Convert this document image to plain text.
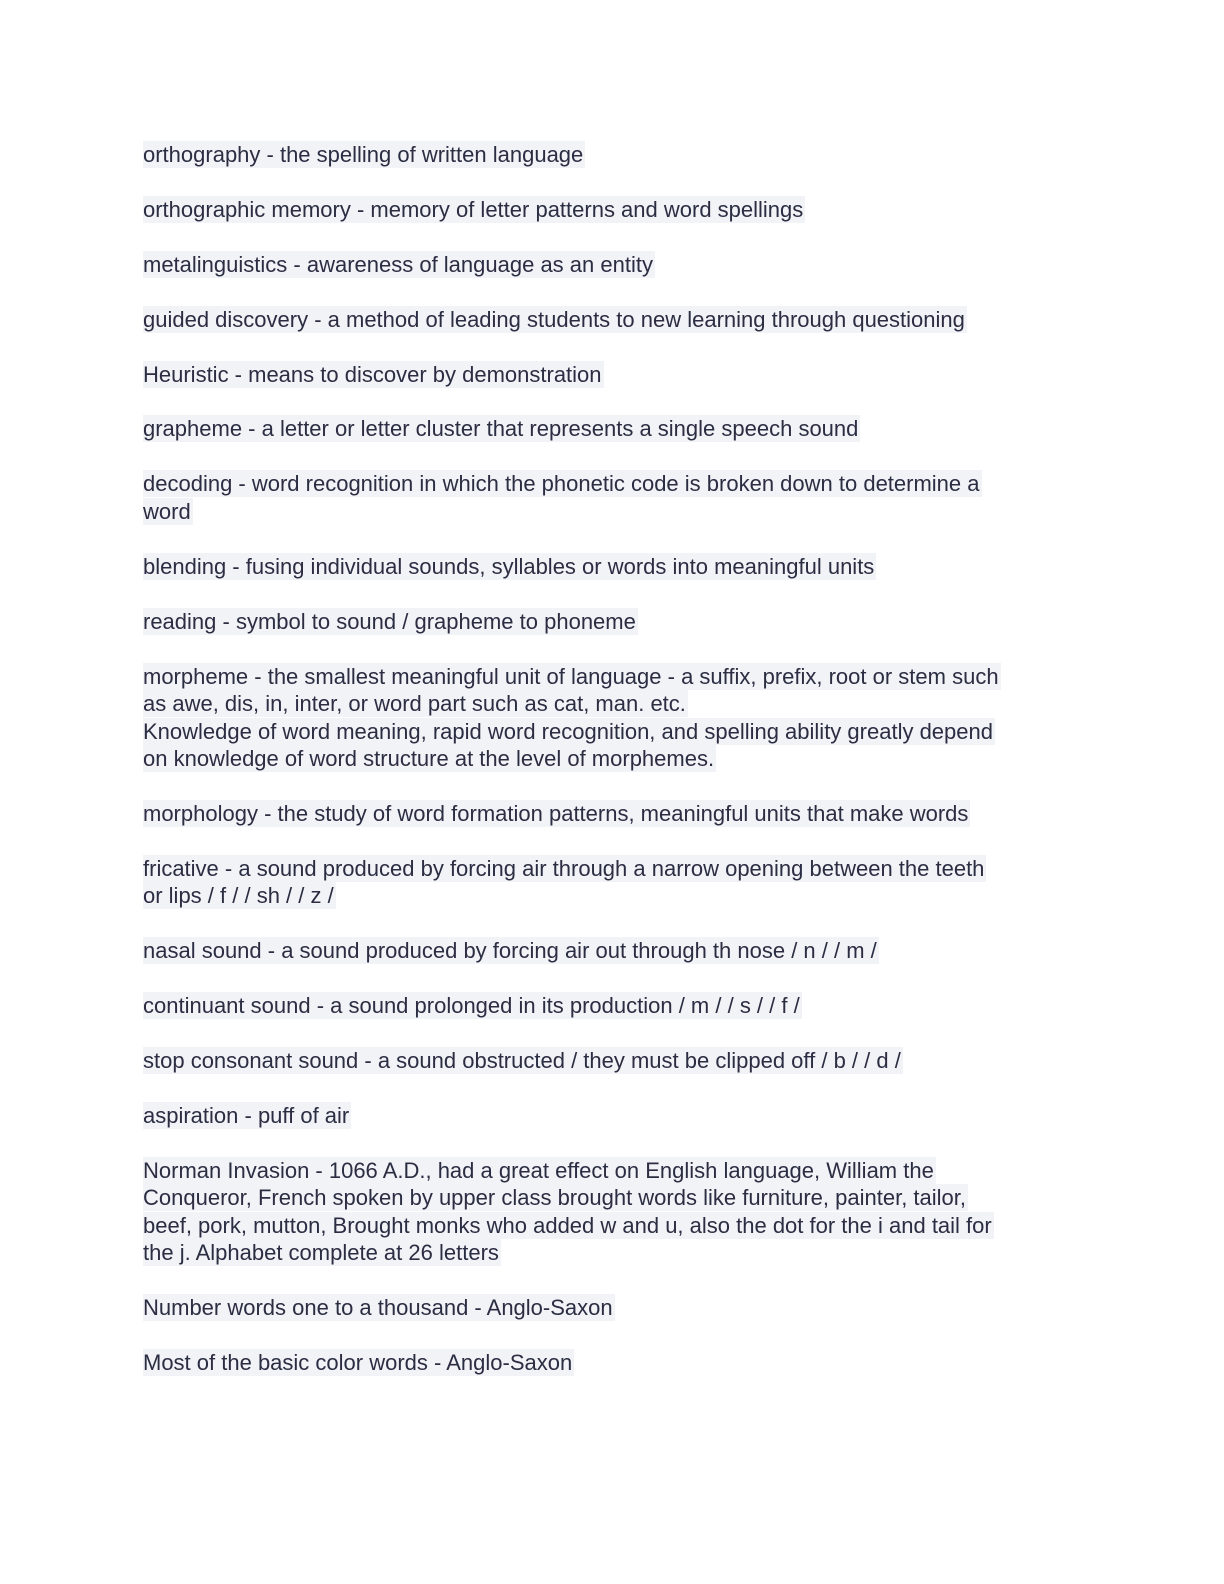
orthography - the spelling of written language
orthographic memory - memory of letter patterns and word spellings
metalinguistics - awareness of language as an entity
guided discovery - a method of leading students to new learning through questioning
Heuristic - means to discover by demonstration
grapheme - a letter or letter cluster that represents a single speech sound
decoding - word recognition in which the phonetic code is broken down to determine a
word
blending - fusing individual sounds, syllables or words into meaningful units
reading - symbol to sound / grapheme to phoneme
morpheme - the smallest meaningful unit of language - a suffix, prefix, root or stem such
as awe, dis, in, inter, or word part such as cat, man. etc.
Knowledge of word meaning, rapid word recognition, and spelling ability greatly depend
on knowledge of word structure at the level of morphemes.
morphology - the study of word formation patterns, meaningful units that make words
fricative - a sound produced by forcing air through a narrow opening between the teeth
or lips / f / / sh / / z /
nasal sound - a sound produced by forcing air out through th nose / n / / m /
continuant sound - a sound prolonged in its production / m / / s / / f /
stop consonant sound - a sound obstructed / they must be clipped off / b / / d /
aspiration - puff of air
Norman Invasion - 1066 A.D., had a great effect on English language, William the
Conqueror, French spoken by upper class brought words like furniture, painter, tailor,
beef, pork, mutton, Brought monks who added w and u, also the dot for the i and tail for
the j. Alphabet complete at 26 letters
Number words one to a thousand - Anglo-Saxon
Most of the basic color words - Anglo-Saxon
